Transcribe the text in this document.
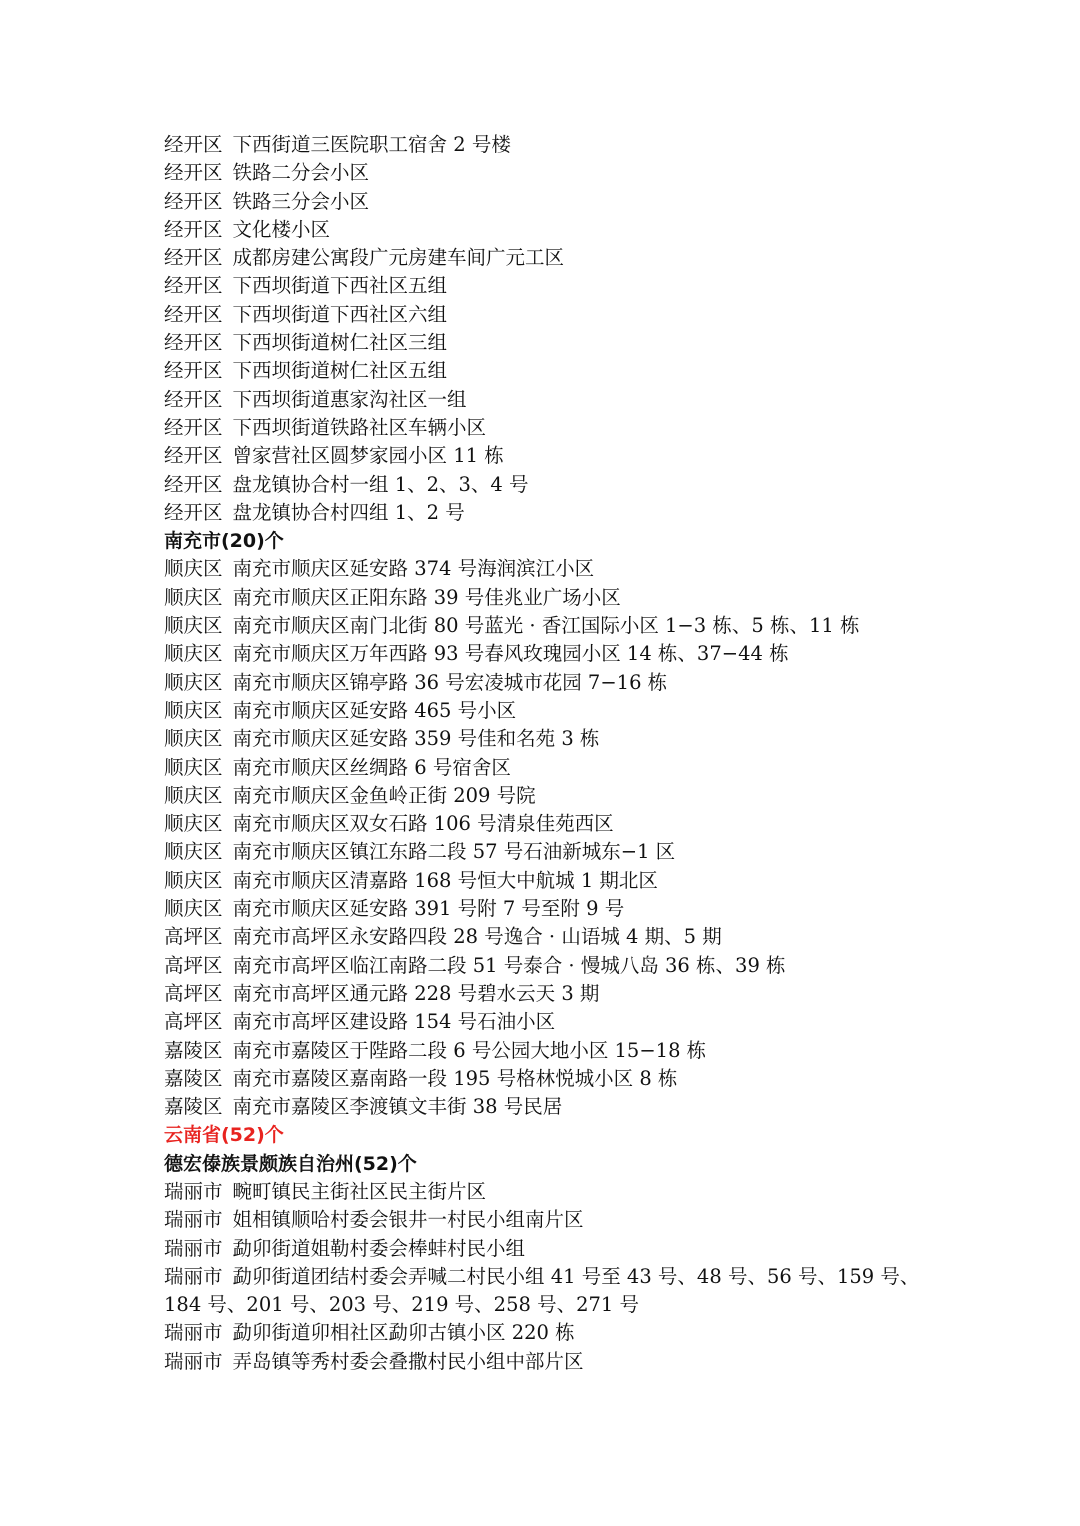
经开区 下西街道三医院职工宿舍 2 号楼
经开区 铁路二分会小区
经开区 铁路三分会小区
经开区 文化楼小区
经开区 成都房建公寓段广元房建车间广元工区
经开区 下西坝街道下西社区五组
经开区 下西坝街道下西社区六组
经开区 下西坝街道树仁社区三组
经开区 下西坝街道树仁社区五组
经开区 下西坝街道惠家沟社区一组
经开区 下西坝街道铁路社区车辆小区
经开区 曾家营社区圆梦家园小区 11 栋
经开区 盘龙镇协合村一组 1、2、3、4 号
经开区 盘龙镇协合村四组 1、2 号
南充市(20)个
顺庆区 南充市顺庆区延安路 374 号海润滨江小区
顺庆区 南充市顺庆区正阳东路 39 号佳兆业广场小区
顺庆区 南充市顺庆区南门北街 80 号蓝光 · 香江国际小区 1−3 栋、5 栋、11 栋
顺庆区 南充市顺庆区万年西路 93 号春风玫瑰园小区 14 栋、37−44 栋
顺庆区 南充市顺庆区锦亭路 36 号宏凌城市花园 7−16 栋
顺庆区 南充市顺庆区延安路 465 号小区
顺庆区 南充市顺庆区延安路 359 号佳和名苑 3 栋
顺庆区 南充市顺庆区丝绸路 6 号宿舍区
顺庆区 南充市顺庆区金鱼岭正街 209 号院
顺庆区 南充市顺庆区双女石路 106 号清泉佳苑西区
顺庆区 南充市顺庆区镇江东路二段 57 号石油新城东−1 区
顺庆区 南充市顺庆区清嘉路 168 号恒大中航城 1 期北区
顺庆区 南充市顺庆区延安路 391 号附 7 号至附 9 号
高坪区 南充市高坪区永安路四段 28 号逸合 · 山语城 4 期、5 期
高坪区 南充市高坪区临江南路二段 51 号泰合 · 慢城八岛 36 栋、39 栋
高坪区 南充市高坪区通元路 228 号碧水云天 3 期
高坪区 南充市高坪区建设路 154 号石油小区
嘉陵区 南充市嘉陵区于陛路二段 6 号公园大地小区 15−18 栋
嘉陵区 南充市嘉陵区嘉南路一段 195 号格林悦城小区 8 栋
嘉陵区 南充市嘉陵区李渡镇文丰街 38 号民居
云南省(52)个
德宏傣族景颇族自治州(52)个
瑞丽市 畹町镇民主街社区民主街片区
瑞丽市 姐相镇顺哈村委会银井一村民小组南片区
瑞丽市 勐卯街道姐勒村委会棒蚌村民小组
瑞丽市 勐卯街道团结村委会弄喊二村民小组 41 号至 43 号、48 号、56 号、159 号、184 号、201 号、203 号、219 号、258 号、271 号
瑞丽市 勐卯街道卯相社区勐卯古镇小区 220 栋
瑞丽市 弄岛镇等秀村委会叠撒村民小组中部片区
